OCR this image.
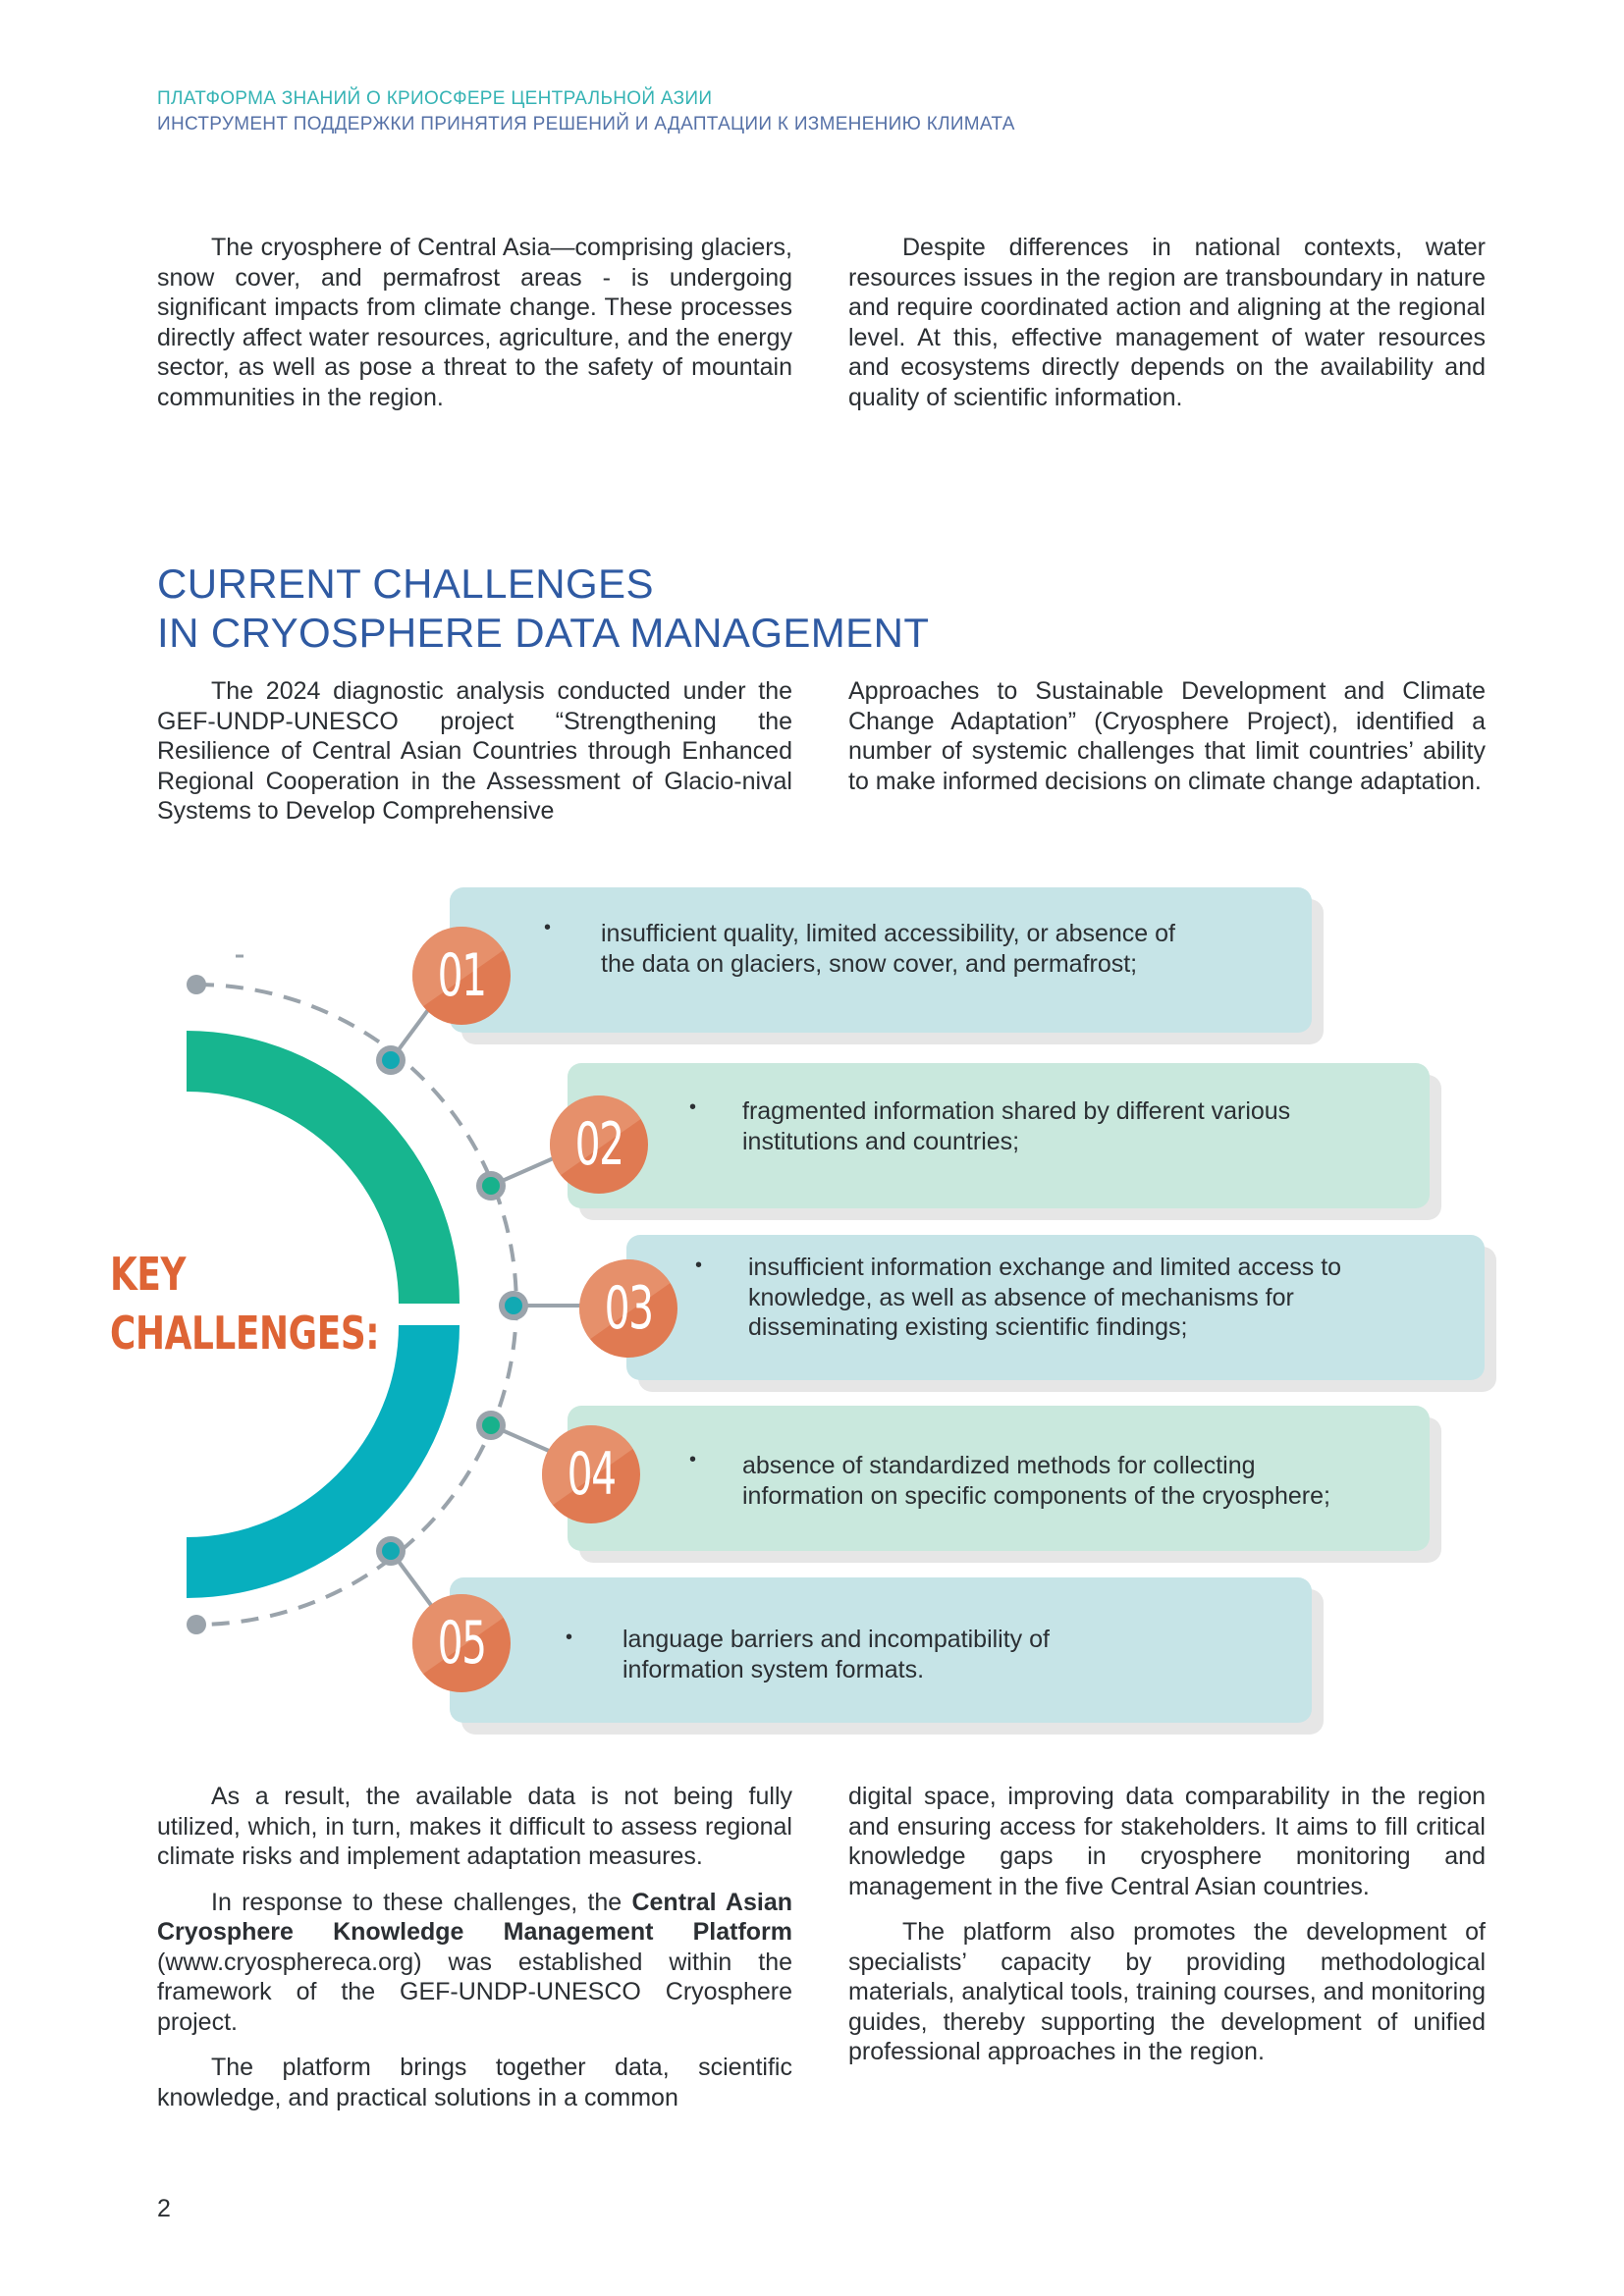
ПЛАТФОРМА ЗНАНИЙ О КРИОСФЕРЕ ЦЕНТРАЛЬНОЙ АЗИИ
ИНСТРУМЕНТ ПОДДЕРЖКИ ПРИНЯТИЯ РЕШЕНИЙ И АДАПТАЦИИ К ИЗМЕНЕНИЮ КЛИМАТА

The cryosphere of Central Asia—comprising glaciers, snow cover, and permafrost areas - is undergoing significant impacts from climate change. These processes directly affect water resources, agriculture, and the energy sector, as well as pose a threat to the safety of mountain communities in the region.

Despite differences in national contexts, water resources issues in the region are transboundary in nature and require coordinated action and aligning at the regional level. At this, effective management of water resources and ecosystems directly depends on the availability and quality of scientific information.

CURRENT CHALLENGES
IN CRYOSPHERE DATA MANAGEMENT

The 2024 diagnostic analysis conducted under the GEF-UNDP-UNESCO project “Strengthening the Resilience of Central Asian Countries through Enhanced Regional Cooperation in the Assessment of Glacio-nival Systems to Develop Comprehensive

Approaches to Sustainable Development and Climate Change Adaptation” (Cryosphere Project), identified a number of systemic challenges that limit countries’ ability to make informed decisions on climate change adaptation.

KEY
CHALLENGES:
• insufficient quality, limited accessibility, or absence of the data on glaciers, snow cover, and permafrost;
01
• fragmented information shared by different various institutions and countries;
02
• insufficient information exchange and limited access to knowledge, as well as absence of mechanisms for disseminating existing scientific findings;
03
• absence of standardized methods for collecting information on specific components of the cryosphere;
04
• language barriers and incompatibility of information system formats.
05

As a result, the available data is not being fully utilized, which, in turn, makes it difficult to assess regional climate risks and implement adaptation measures.

In response to these challenges, the Central Asian Cryosphere Knowledge Management Platform (www.cryosphereca.org) was established within the framework of the GEF-UNDP-UNESCO Cryosphere project.

The platform brings together data, scientific knowledge, and practical solutions in a common

digital space, improving data comparability in the region and ensuring access for stakeholders. It aims to fill critical knowledge gaps in cryosphere monitoring and management in the five Central Asian countries.

The platform also promotes the development of specialists’ capacity by providing methodological materials, analytical tools, training courses, and monitoring guides, thereby supporting the development of unified professional approaches in the region.

2
